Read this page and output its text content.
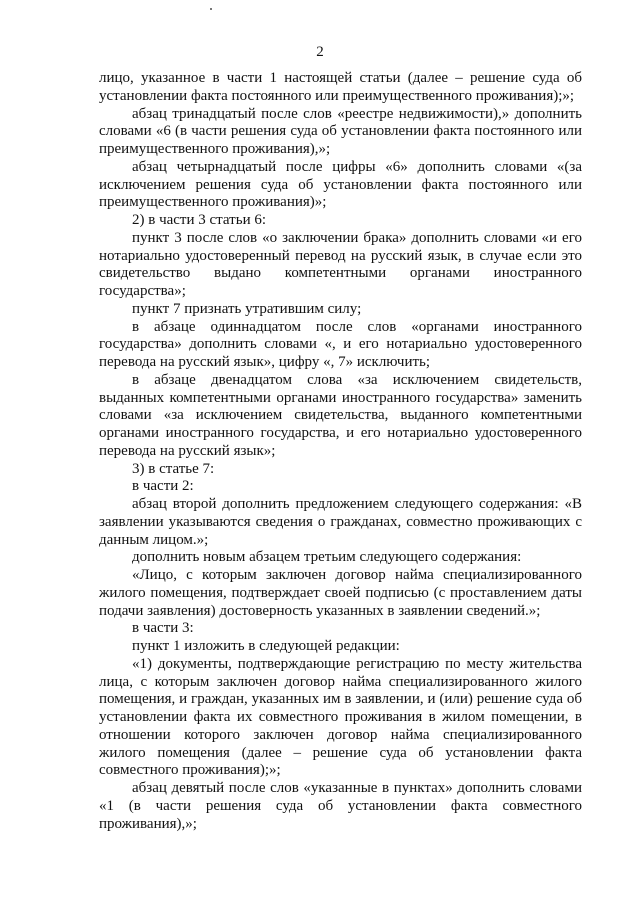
2

лицо, указанное в части 1 настоящей статьи (далее – решение суда об установлении факта постоянного или преимущественного проживания);»;

абзац тринадцатый после слов «реестре недвижимости),» дополнить словами «6 (в части решения суда об установлении факта постоянного или преимущественного проживания),»;

абзац четырнадцатый после цифры «6» дополнить словами «(за исключением решения суда об установлении факта постоянного или преимущественного проживания)»;

2) в части 3 статьи 6:

пункт 3 после слов «о заключении брака» дополнить словами «и его нотариально удостоверенный перевод на русский язык, в случае если это свидетельство выдано компетентными органами иностранного государства»;

пункт 7 признать утратившим силу;

в абзаце одиннадцатом после слов «органами иностранного государства» дополнить словами «, и его нотариально удостоверенного перевода на русский язык», цифру «, 7» исключить;

в абзаце двенадцатом слова «за исключением свидетельств, выданных компетентными органами иностранного государства» заменить словами «за исключением свидетельства, выданного компетентными органами иностранного государства, и его нотариально удостоверенного перевода на русский язык»;

3) в статье 7:

в части 2:

абзац второй дополнить предложением следующего содержания: «В заявлении указываются сведения о гражданах, совместно проживающих с данным лицом.»;

дополнить новым абзацем третьим следующего содержания:

«Лицо, с которым заключен договор найма специализированного жилого помещения, подтверждает своей подписью (с проставлением даты подачи заявления) достоверность указанных в заявлении сведений.»;

в части 3:

пункт 1 изложить в следующей редакции:

«1) документы, подтверждающие регистрацию по месту жительства лица, с которым заключен договор найма специализированного жилого помещения, и граждан, указанных им в заявлении, и (или) решение суда об установлении факта их совместного проживания в жилом помещении, в отношении которого заключен договор найма специализированного жилого помещения (далее – решение суда об установлении факта совместного проживания);»;

абзац девятый после слов «указанные в пунктах» дополнить словами «1 (в части решения суда об установлении факта совместного проживания),»;
